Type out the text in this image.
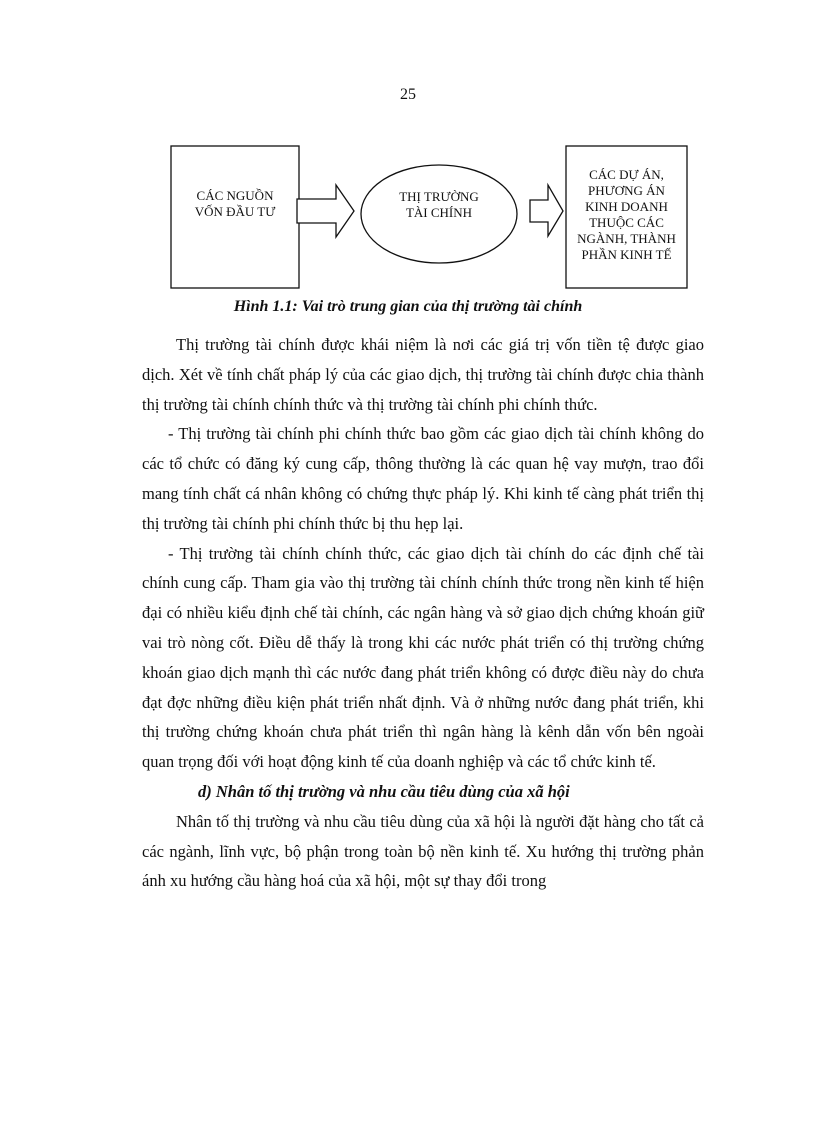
25
CÁC NGUỒN
VỐN ĐẦU TƯ
THỊ TRƯỜNG
TÀI CHÍNH
CÁC DỰ ÁN,
PHƯƠNG ÁN
KINH DOANH
THUỘC CÁC
NGÀNH, THÀNH
PHẦN KINH TẾ
Hình 1.1: Vai trò trung gian của thị trường tài chính

Thị trường tài chính được khái niệm là nơi các giá trị vốn tiền tệ được giao dịch. Xét về tính chất pháp lý của các giao dịch, thị trường tài chính được chia thành thị trường tài chính chính thức và thị trường tài chính phi chính thức.

- Thị trường tài chính phi chính thức bao gồm các giao dịch tài chính không do các tổ chức có đăng ký cung cấp, thông thường là các quan hệ vay mượn, trao đổi mang tính chất cá nhân không có chứng thực pháp lý. Khi kinh tế càng phát triển thị thị trường tài chính phi chính thức bị thu hẹp lại.

- Thị trường tài chính chính thức, các giao dịch tài chính do các định chế tài chính cung cấp. Tham gia vào thị trường tài chính chính thức trong nền kinh tế hiện đại có nhiều kiểu định chế tài chính, các ngân hàng và sở giao dịch chứng khoán giữ vai trò nòng cốt. Điều dễ thấy là trong khi các nước phát triển có thị trường chứng khoán giao dịch mạnh thì các nước đang phát triển không có được điều này do chưa đạt đợc những điều kiện phát triển nhất định. Và ở những nước đang phát triển, khi thị trường chứng khoán chưa phát triển thì ngân hàng là kênh dẫn vốn bên ngoài quan trọng đối với hoạt động kinh tế của doanh nghiệp và các tổ chức kinh tế.

d) Nhân tố thị trường và nhu cầu tiêu dùng của xã hội

Nhân tố thị trường và nhu cầu tiêu dùng của xã hội là người đặt hàng cho tất cả các ngành, lĩnh vực, bộ phận trong toàn bộ nền kinh tế. Xu hướng thị trường phản ánh xu hướng cầu hàng hoá của xã hội, một sự thay đổi trong
